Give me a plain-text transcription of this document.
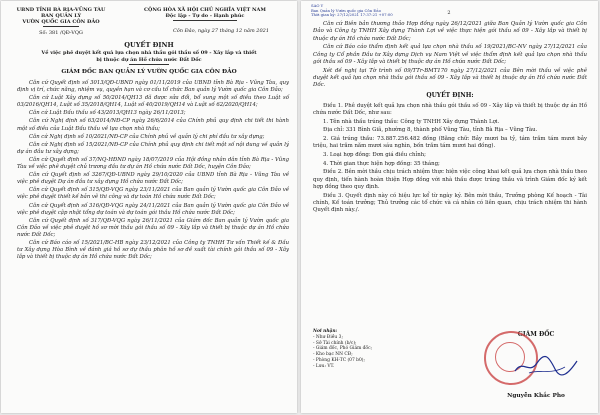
UBND TỈNH BÀ RỊA-VŨNG TÀU
BAN QUẢN LÝ
VƯỜN QUỐC GIA CÔN ĐẢO
Số: 381 /QĐ-VQG
CỘNG HÒA XÃ HỘI CHỦ NGHĨA VIỆT NAM
Độc lập - Tự do - Hạnh phúc
Côn Đảo, ngày 27 tháng 12 năm 2021
QUYẾT ĐỊNH
Về việc phê duyệt kết quả lựa chọn nhà thầu gói thầu số 09 - Xây lắp và thiết
bị thuộc dự án Hồ chứa nước Đất Dốc
GIÁM ĐỐC BAN QUẢN LÝ VƯỜN QUỐC GIA CÔN ĐẢO

Căn cứ Quyết định số 3013/QĐ-UBND ngày 01/11/2019 của UBND tỉnh Bà Rịa - Vũng Tàu, quy định vị trí, chức năng, nhiệm vụ, quyền hạn và cơ cấu tổ chức Ban quản lý Vườn quốc gia Côn Đảo;

Căn cứ Luật Xây dựng số 50/2014/QH13 đã được sửa đổi, bổ sung một số điều theo Luật số 03/2016/QH14, Luật số 35/2018/QH14, Luật số 40/2019/QH14 và Luật số 62/2020/QH14;

Căn cứ Luật Đấu thầu số 43/2013/QH13 ngày 26/11/2013;

Căn cứ Nghị định số 63/2014/NĐ-CP ngày 26/6/2014 của Chính phủ quy định chi tiết thi hành một số điều của Luật Đấu thầu về lựa chọn nhà thầu;

Căn cứ Nghị định số 10/2021/NĐ-CP của Chính phủ về quản lý chi phí đầu tư xây dựng;

Căn cứ Nghị định số 15/2021/NĐ-CP của Chính phủ quy định chi tiết một số nội dung về quản lý dự án đầu tư xây dựng;

Căn cứ Quyết định số 37/NQ-HĐND ngày 18/07/2019 của Hội đồng nhân dân tỉnh Bà Rịa - Vũng Tàu về việc phê duyệt chủ trương đầu tư dự án Hồ chứa nước Đất Dốc, huyện Côn Đảo;

Căn cứ Quyết định số 3267/QĐ-UBND ngày 29/10/2020 của UBND tỉnh Bà Rịa - Vũng Tàu về việc phê duyệt Dự án đầu tư xây dựng Hồ chứa nước Đất Dốc;

Căn cứ Quyết định số 315/QĐ-VQG ngày 23/11/2021 của Ban quản lý Vườn quốc gia Côn Đảo về việc phê duyệt thiết kế bản vẽ thi công và dự toán Hồ chứa nước Đất Dốc;

Căn cứ Quyết định số 316/QĐ-VQG ngày 24/11/2021 của Ban quản lý Vườn quốc gia Côn Đảo về việc phê duyệt cập nhật tổng dự toán và dự toán gói thầu Hồ chứa nước Đất Dốc;

Căn cứ Quyết định số 317/QĐ-VQG ngày 26/11/2021 của Giám đốc Ban quản lý Vườn quốc gia Côn Đảo về việc phê duyệt hồ sơ mời thầu gói thầu số 09 - Xây lắp và thiết bị thuộc dự án Hồ chứa nước Đất Dốc;

Căn cứ Báo cáo số 15/2021/BC-HB ngày 23/12/2021 của Công ty TNHH Tư vấn Thiết kế & Đầu tư Xây dựng Hòa Bình về đánh giá hồ sơ dự thầu phân hồ sơ đề xuất tài chính gói thầu số 09 - Xây lắp và thiết bị thuộc dự án Hồ chứa nước Đất Dốc;

SAO Y
Ban Quản lý Vườn quốc gia Côn Đảo
Thời gian ký: 27/12/2021 17:37:21 +07:00	2

Căn cứ Biên bản thương thảo Hợp đồng ngày 26/12/2021 giữa Ban Quản lý Vườn quốc gia Côn Đảo và Công ty TNHH Xây dựng Thành Lợi về việc thực hiện gói thầu số 09 - Xây lắp và thiết bị thuộc dự án Hồ chứa nước Đất Dốc;

Căn cứ Báo cáo thẩm định kết quả lựa chọn nhà thầu số 19/2021/BC-NV ngày 27/12/2021 của Công ty Cổ phần Đầu tư Xây dựng Dịch vụ Nam Việt về việc thẩm định kết quả lựa chọn nhà thầu gói thầu số 09 - Xây lắp và thiết bị thuộc dự án Hồ chứa nước Đất Dốc;

Xét đề nghị tại Tờ trình số 09/TTr-BMT170 ngày 27/12/2021 của Bên mời thầu về việc phê duyệt kết quả lựa chọn nhà thầu gói thầu số 09 - Xây lắp và thiết bị thuộc dự án Hồ chứa nước Đất Dốc.

QUYẾT ĐỊNH:

Điều 1. Phê duyệt kết quả lựa chọn nhà thầu gói thầu số 09 - Xây lắp và thiết bị thuộc dự án Hồ chứa nước Đất Dốc, như sau:

1. Tên nhà thầu trúng thầu: Công ty TNHH Xây dựng Thành Lợi.

Địa chỉ: 331 Bình Giã, phường 8, thành phố Vũng Tàu, tỉnh Bà Rịa – Vũng Tàu.

2. Giá trúng thầu: 73.887.256.482 đồng (Bằng chữ: Bảy mươi ba tỷ, tám trăm tám mươi bảy triệu, hai trăm năm mươi sáu nghìn, bốn trăm tám mươi hai đồng).

3. Loại hợp đồng: Đơn giá điều chỉnh;

4. Thời gian thực hiện hợp đồng: 35 tháng;

Điều 2. Bên mời thầu chịu trách nhiệm thực hiện việc công khai kết quả lựa chọn nhà thầu theo quy định, tiến hành hoàn thiện Hợp đồng với nhà thầu được trúng thầu và trình Giám đốc ký kết hợp đồng theo quy định.

Điều 3. Quyết định này có hiệu lực kể từ ngày ký. Bên mời thầu, Trưởng phòng Kế hoạch - Tài chính, Kế toán trưởng; Thủ trưởng các tổ chức và cá nhân có liên quan, chịu trách nhiệm thi hành Quyết định này./.

Nơi nhận:
- Như Điều 3;
- Sở Tài chính (b/c);
- Giám đốc, Phó Giám đốc;
- Kho bạc NN CĐ;
- Phòng KH-TC (07 b0);
- Lưu: VT.
GIÁM ĐỐC
Nguyễn Khắc Pho
